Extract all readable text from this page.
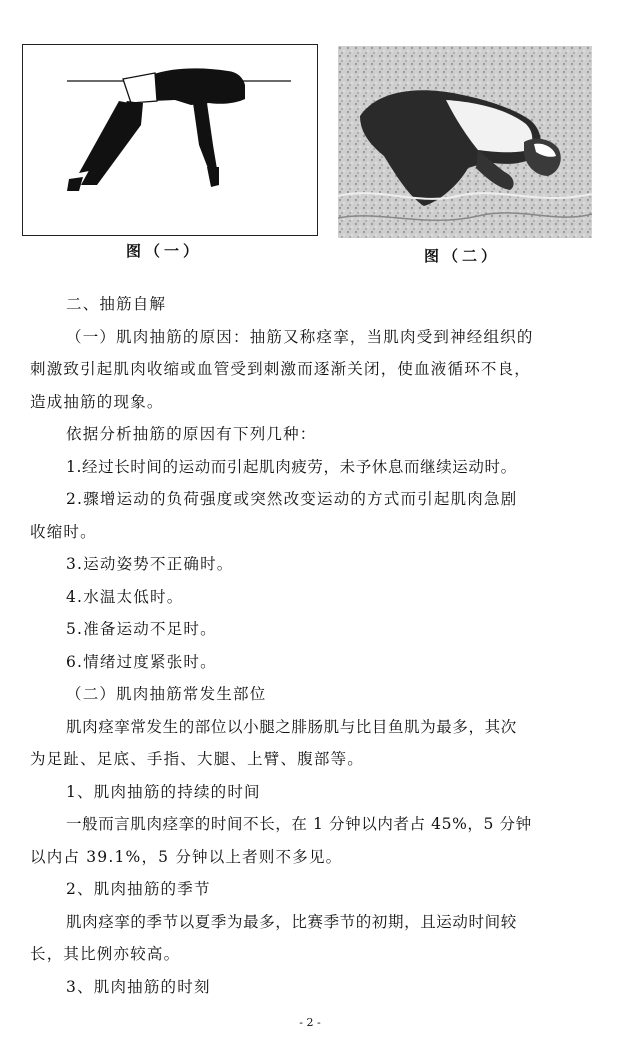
图（一）	图（二）

二、抽筋自解

（一）肌肉抽筋的原因：抽筋又称痉挛，当肌肉受到神经组织的

刺激致引起肌肉收缩或血管受到刺激而逐渐关闭，使血液循环不良，

造成抽筋的现象。

依据分析抽筋的原因有下列几种：

1.经过长时间的运动而引起肌肉疲劳，未予休息而继续运动时。

2.骤增运动的负荷强度或突然改变运动的方式而引起肌肉急剧

收缩时。

3.运动姿势不正确时。

4.水温太低时。

5.准备运动不足时。

6.情绪过度紧张时。

（二）肌肉抽筋常发生部位

肌肉痉挛常发生的部位以小腿之腓肠肌与比目鱼肌为最多，其次

为足趾、足底、手指、大腿、上臂、腹部等。

1、肌肉抽筋的持续的时间

一般而言肌肉痉挛的时间不长，在 1 分钟以内者占 45%，5 分钟

以内占 39.1%，5 分钟以上者则不多见。

2、肌肉抽筋的季节

肌肉痉挛的季节以夏季为最多，比赛季节的初期，且运动时间较

长，其比例亦较高。

3、肌肉抽筋的时刻

- 2 -
